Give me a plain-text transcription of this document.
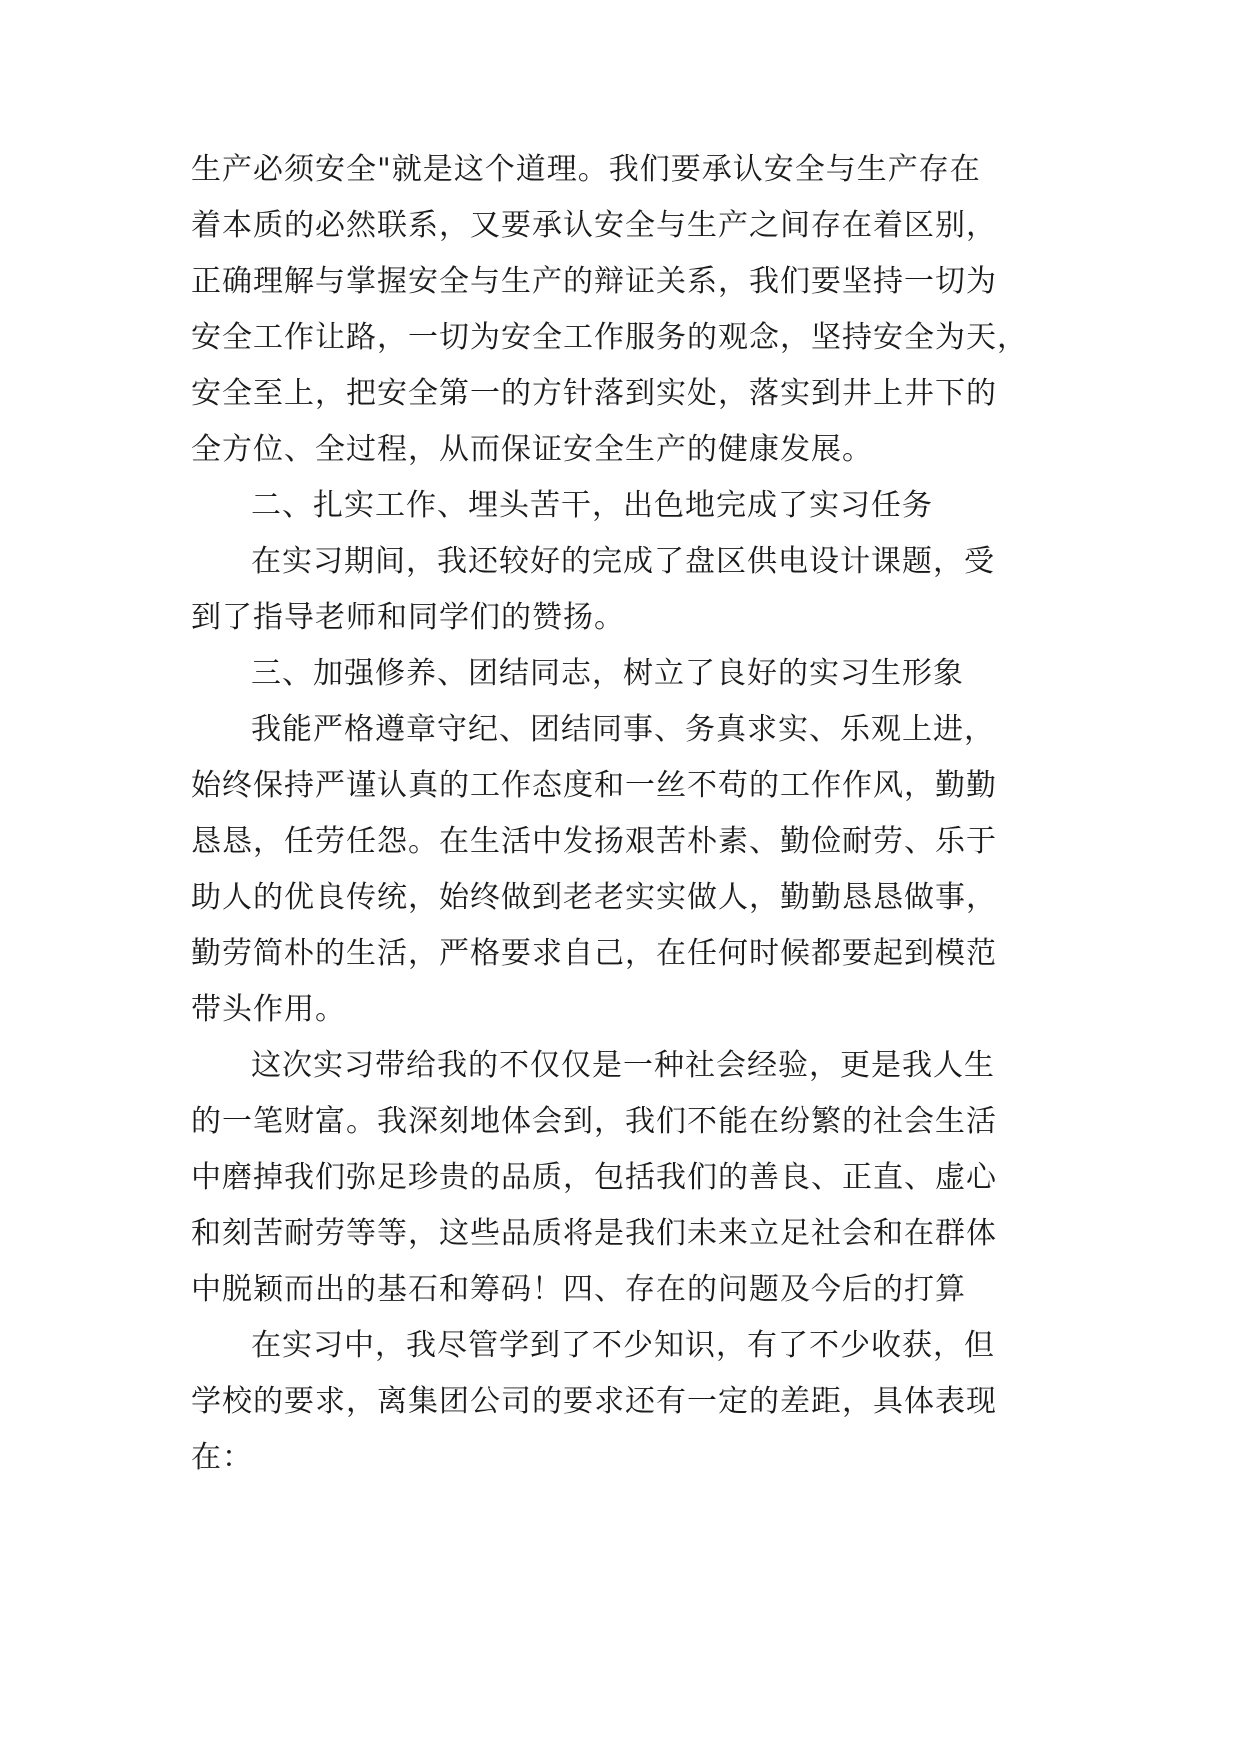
生产必须安全"就是这个道理。我们要承认安全与生产存在
着本质的必然联系，又要承认安全与生产之间存在着区别，
正确理解与掌握安全与生产的辩证关系，我们要坚持一切为
安全工作让路，一切为安全工作服务的观念，坚持安全为天，
安全至上，把安全第一的方针落到实处，落实到井上井下的
全方位、全过程，从而保证安全生产的健康发展。
二、扎实工作、埋头苦干，出色地完成了实习任务
在实习期间，我还较好的完成了盘区供电设计课题，受
到了指导老师和同学们的赞扬。
三、加强修养、团结同志，树立了良好的实习生形象
我能严格遵章守纪、团结同事、务真求实、乐观上进，
始终保持严谨认真的工作态度和一丝不苟的工作作风，勤勤
恳恳，任劳任怨。在生活中发扬艰苦朴素、勤俭耐劳、乐于
助人的优良传统，始终做到老老实实做人，勤勤恳恳做事，
勤劳简朴的生活，严格要求自己，在任何时候都要起到模范
带头作用。
这次实习带给我的不仅仅是一种社会经验，更是我人生
的一笔财富。我深刻地体会到，我们不能在纷繁的社会生活
中磨掉我们弥足珍贵的品质，包括我们的善良、正直、虚心
和刻苦耐劳等等，这些品质将是我们未来立足社会和在群体
中脱颖而出的基石和筹码！四、存在的问题及今后的打算
在实习中，我尽管学到了不少知识，有了不少收获，但
学校的要求，离集团公司的要求还有一定的差距，具体表现
在：
